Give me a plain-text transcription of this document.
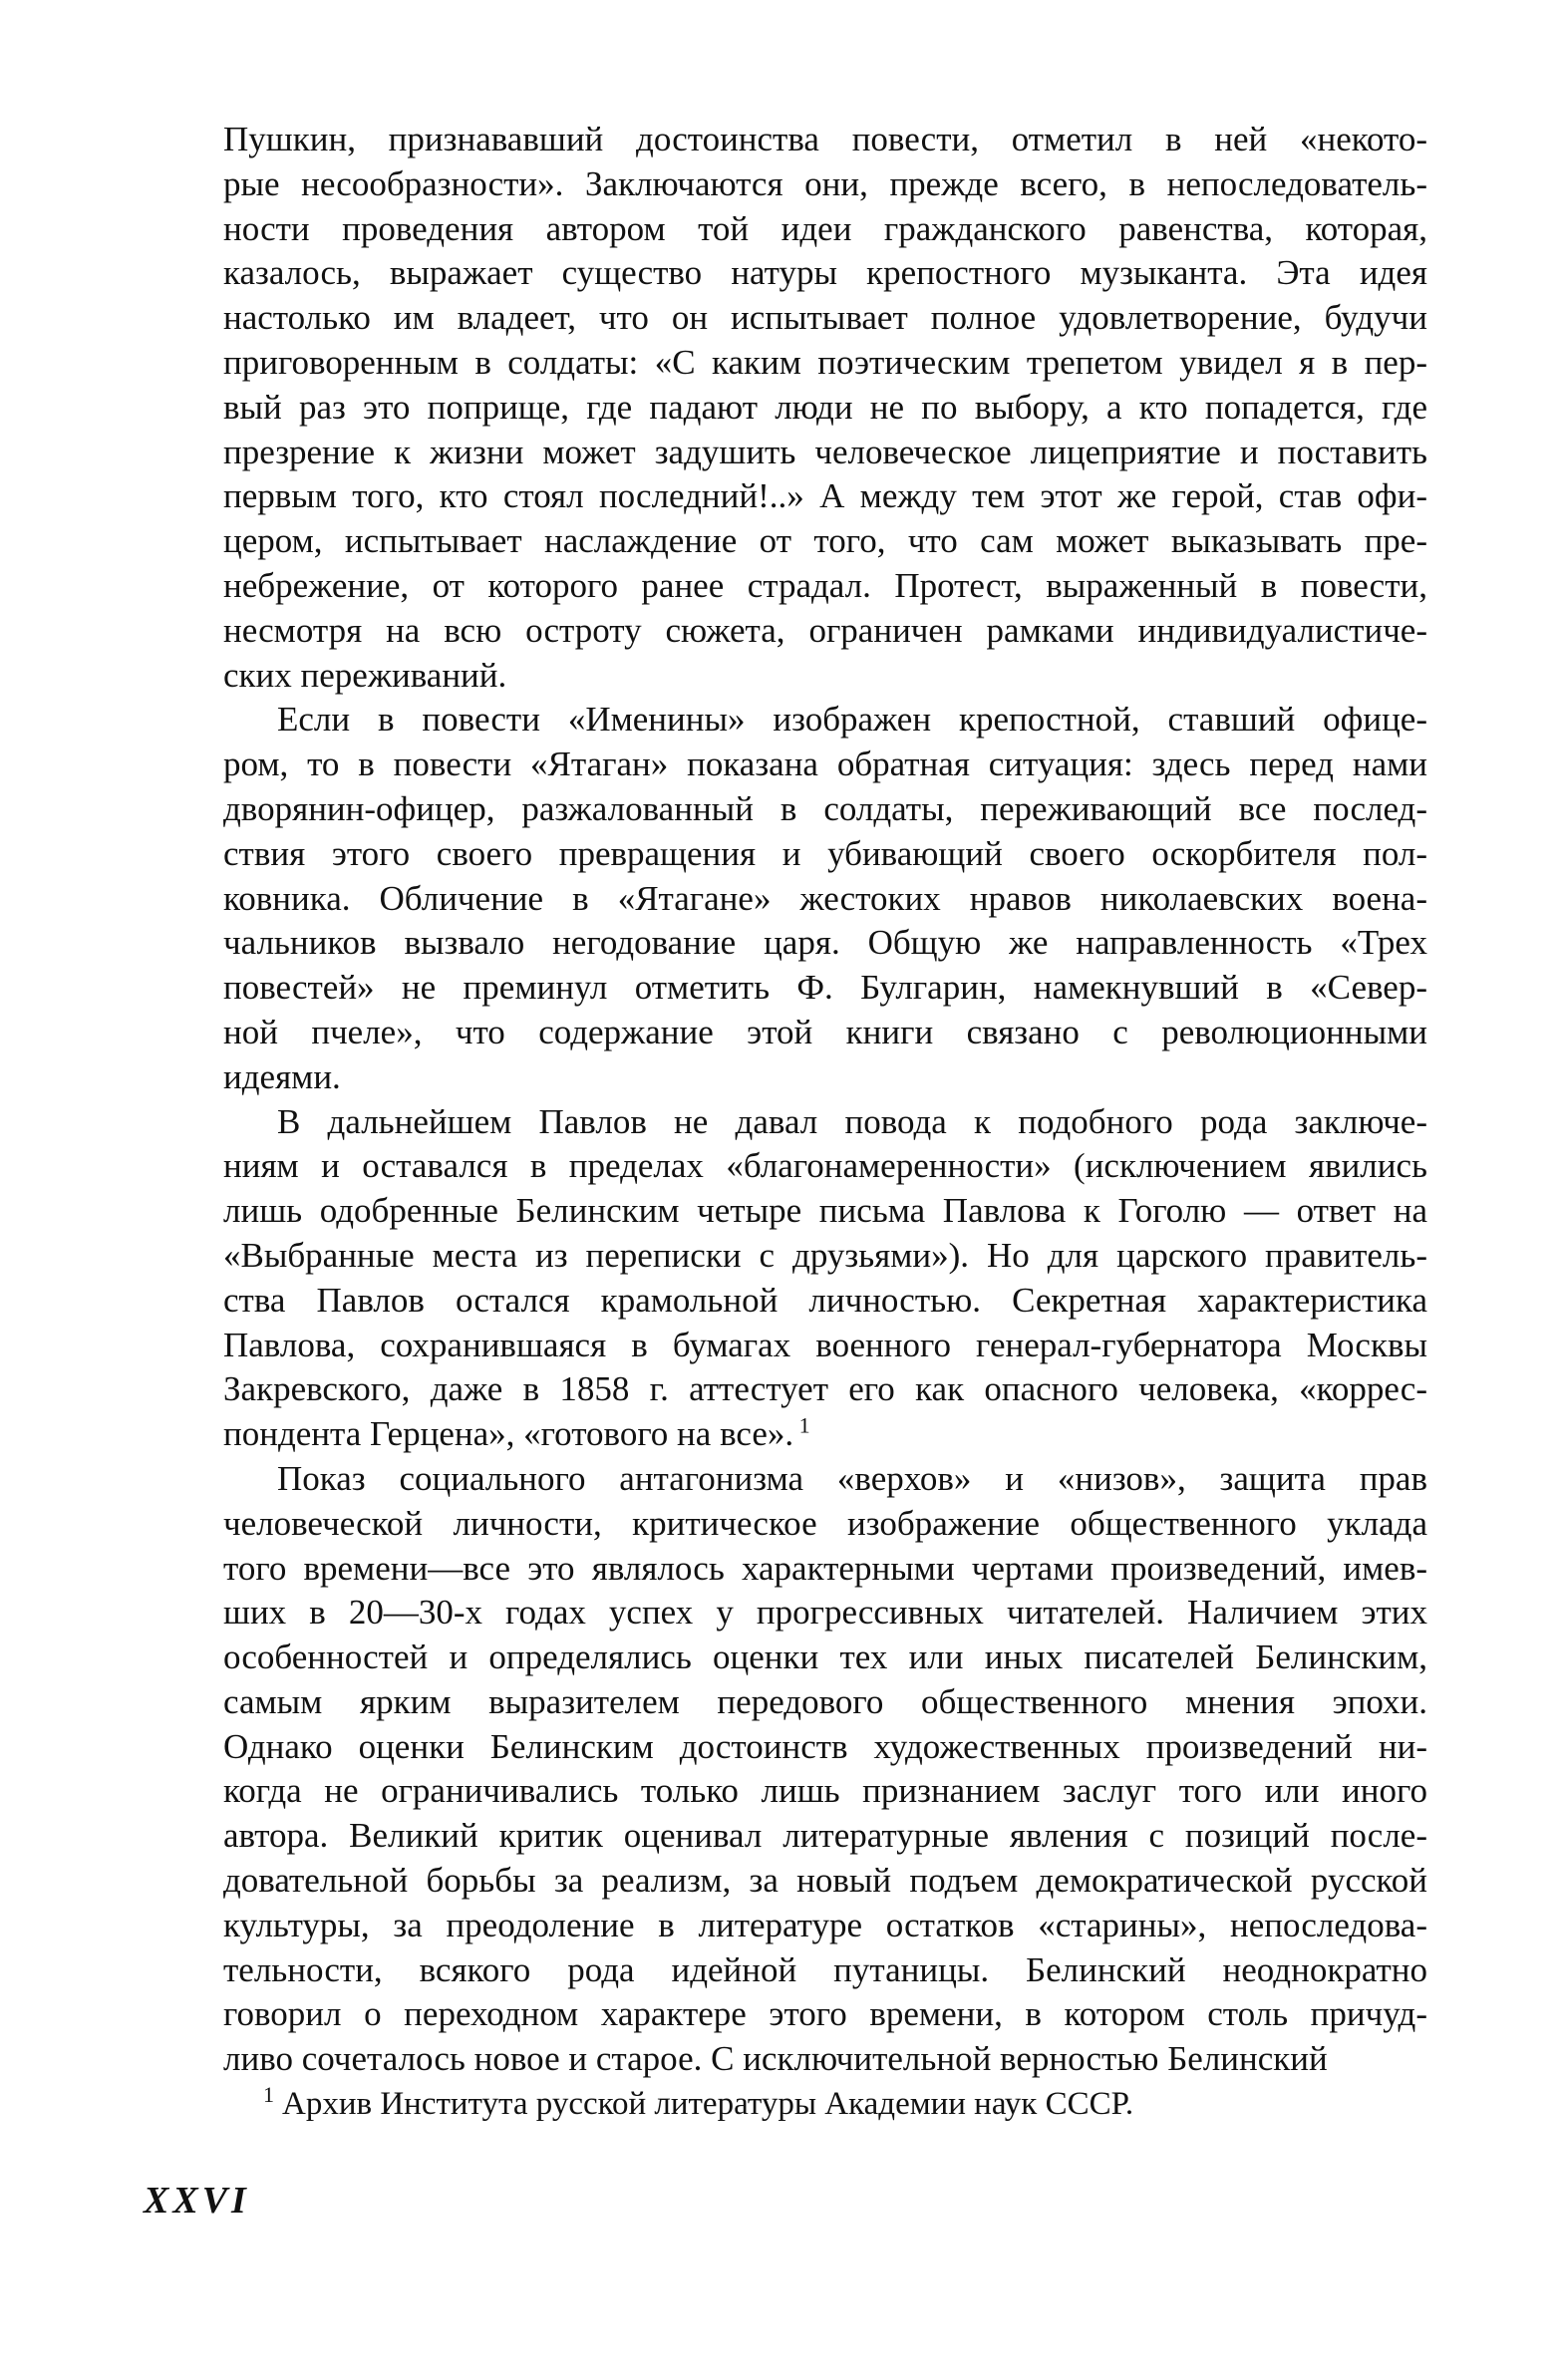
Пушкин, признававший достоинства повести, отметил в ней «некото-
рые несообразности». Заключаются они, прежде всего, в непоследователь-
ности проведения автором той идеи гражданского равенства, которая,
казалось, выражает существо натуры крепостного музыканта. Эта идея
настолько им владеет, что он испытывает полное удовлетворение, будучи
приговоренным в солдаты: «С каким поэтическим трепетом увидел я в пер-
вый раз это поприще, где падают люди не по выбору, а кто попадется, где
презрение к жизни может задушить человеческое лицеприятие и поставить
первым того, кто стоял последний!..» А между тем этот же герой, став офи-
цером, испытывает наслаждение от того, что сам может выказывать пре-
небрежение, от которого ранее страдал. Протест, выраженный в повести,
несмотря на всю остроту сюжета, ограничен рамками индивидуалистиче-
ских переживаний.

Если в повести «Именины» изображен крепостной, ставший офице-
ром, то в повести «Ятаган» показана обратная ситуация: здесь перед нами
дворянин-офицер, разжалованный в солдаты, переживающий все послед-
ствия этого своего превращения и убивающий своего оскорбителя пол-
ковника. Обличение в «Ятагане» жестоких нравов николаевских воена-
чальников вызвало негодование царя. Общую же направленность «Трех
повестей» не преминул отметить Ф. Булгарин, намекнувший в «Север-
ной пчеле», что содержание этой книги связано с революционными
идеями.

В дальнейшем Павлов не давал повода к подобного рода заключе-
ниям и оставался в пределах «благонамеренности» (исключением явились
лишь одобренные Белинским четыре письма Павлова к Гоголю — ответ на
«Выбранные места из переписки с друзьями»). Но для царского правитель-
ства Павлов остался крамольной личностью. Секретная характеристика
Павлова, сохранившаяся в бумагах военного генерал-губернатора Москвы
Закревского, даже в 1858 г. аттестует его как опасного человека, «коррес-
пондента Герцена», «готового на все». $^1$

Показ социального антагонизма «верхов» и «низов», защита прав
человеческой личности, критическое изображение общественного уклада
того времени—все это являлось характерными чертами произведений, имев-
ших в 20—30-х годах успех у прогрессивных читателей. Наличием этих
особенностей и определялись оценки тех или иных писателей Белинским,
самым ярким выразителем передового общественного мнения эпохи.
Однако оценки Белинским достоинств художественных произведений ни-
когда не ограничивались только лишь признанием заслуг того или иного
автора. Великий критик оценивал литературные явления с позиций после-
довательной борьбы за реализм, за новый подъем демократической русской
культуры, за преодоление в литературе остатков «старины», непоследова-
тельности, всякого рода идейной путаницы. Белинский неоднократно
говорил о переходном характере этого времени, в котором столь причуд-
ливо сочеталось новое и старое. С исключительной верностью Белинский

$^1$ Архив Института русской литературы Академии наук СССР.
XXVI
